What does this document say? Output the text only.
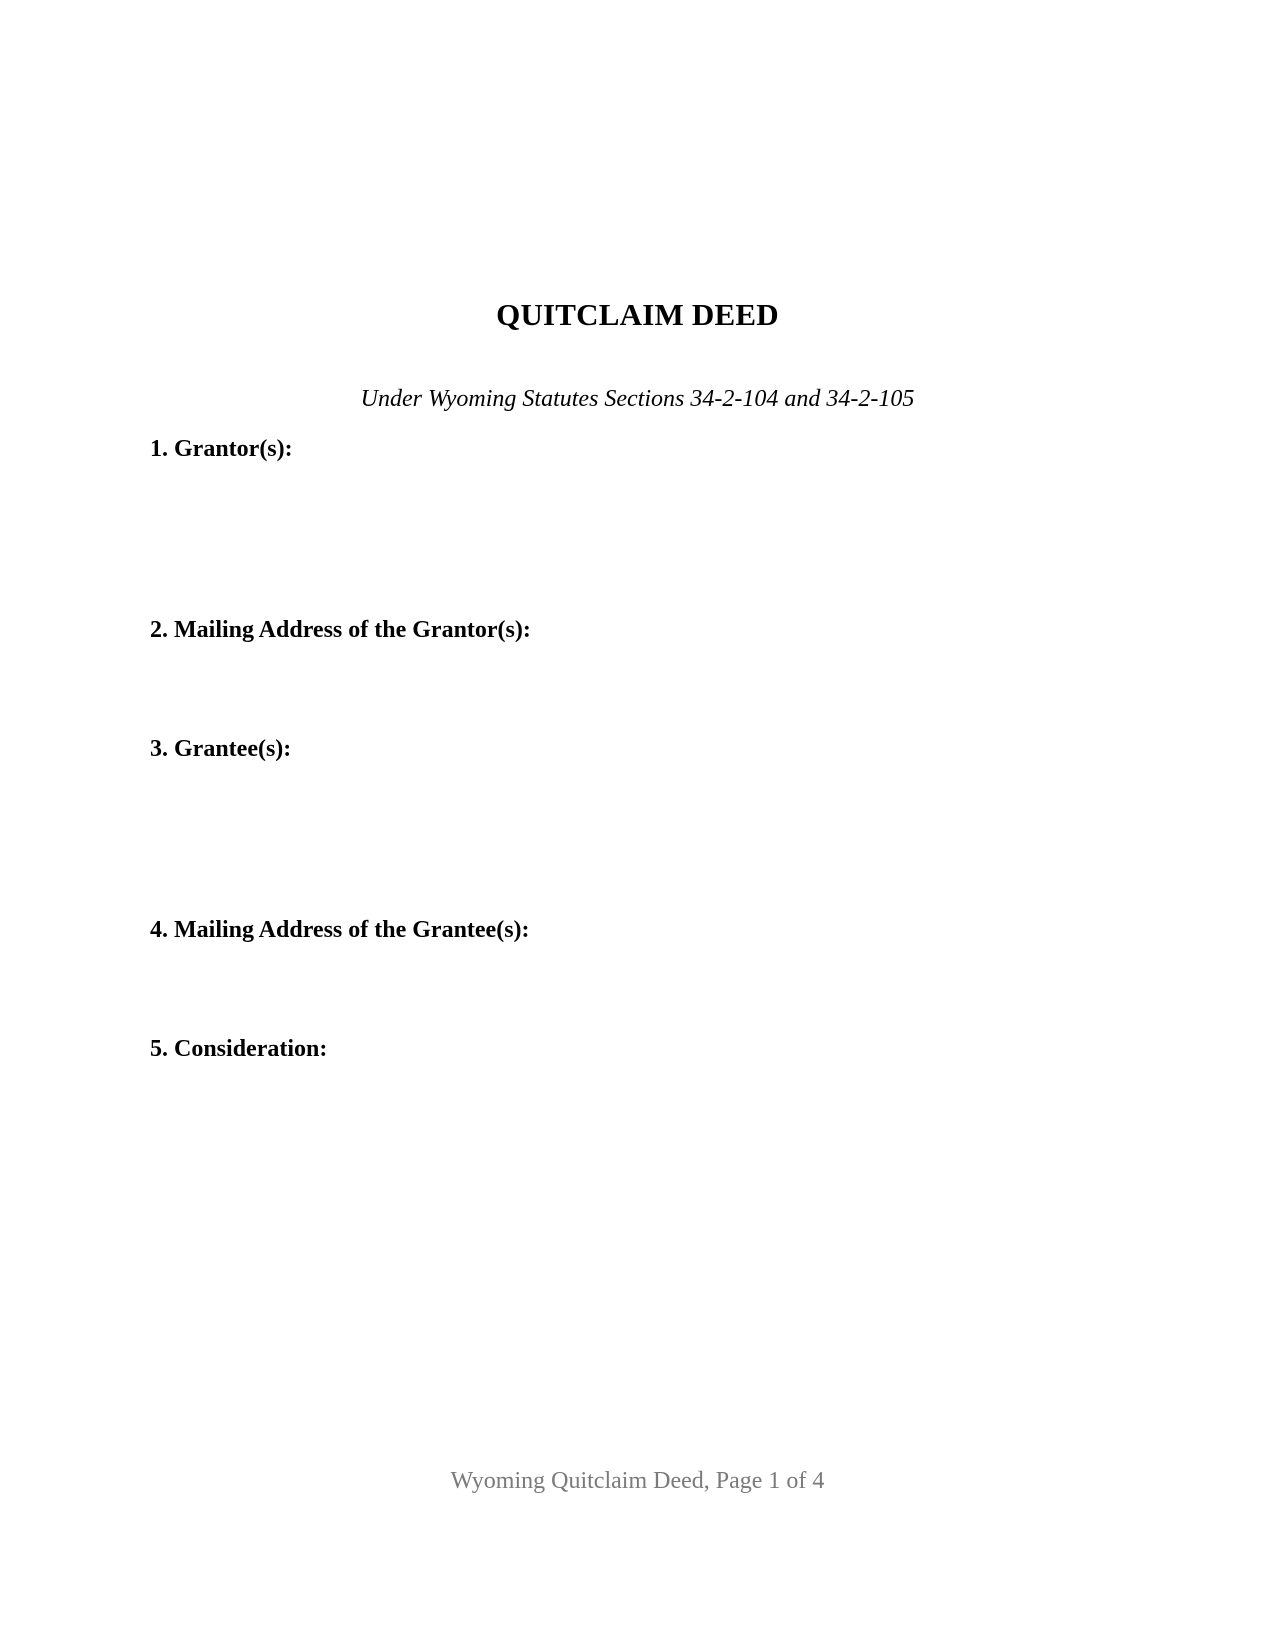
QUITCLAIM DEED
Under Wyoming Statutes Sections 34-2-104 and 34-2-105
1. Grantor(s):
2. Mailing Address of the Grantor(s):
3. Grantee(s):
4. Mailing Address of the Grantee(s):
5. Consideration:
Wyoming Quitclaim Deed, Page 1 of 4
